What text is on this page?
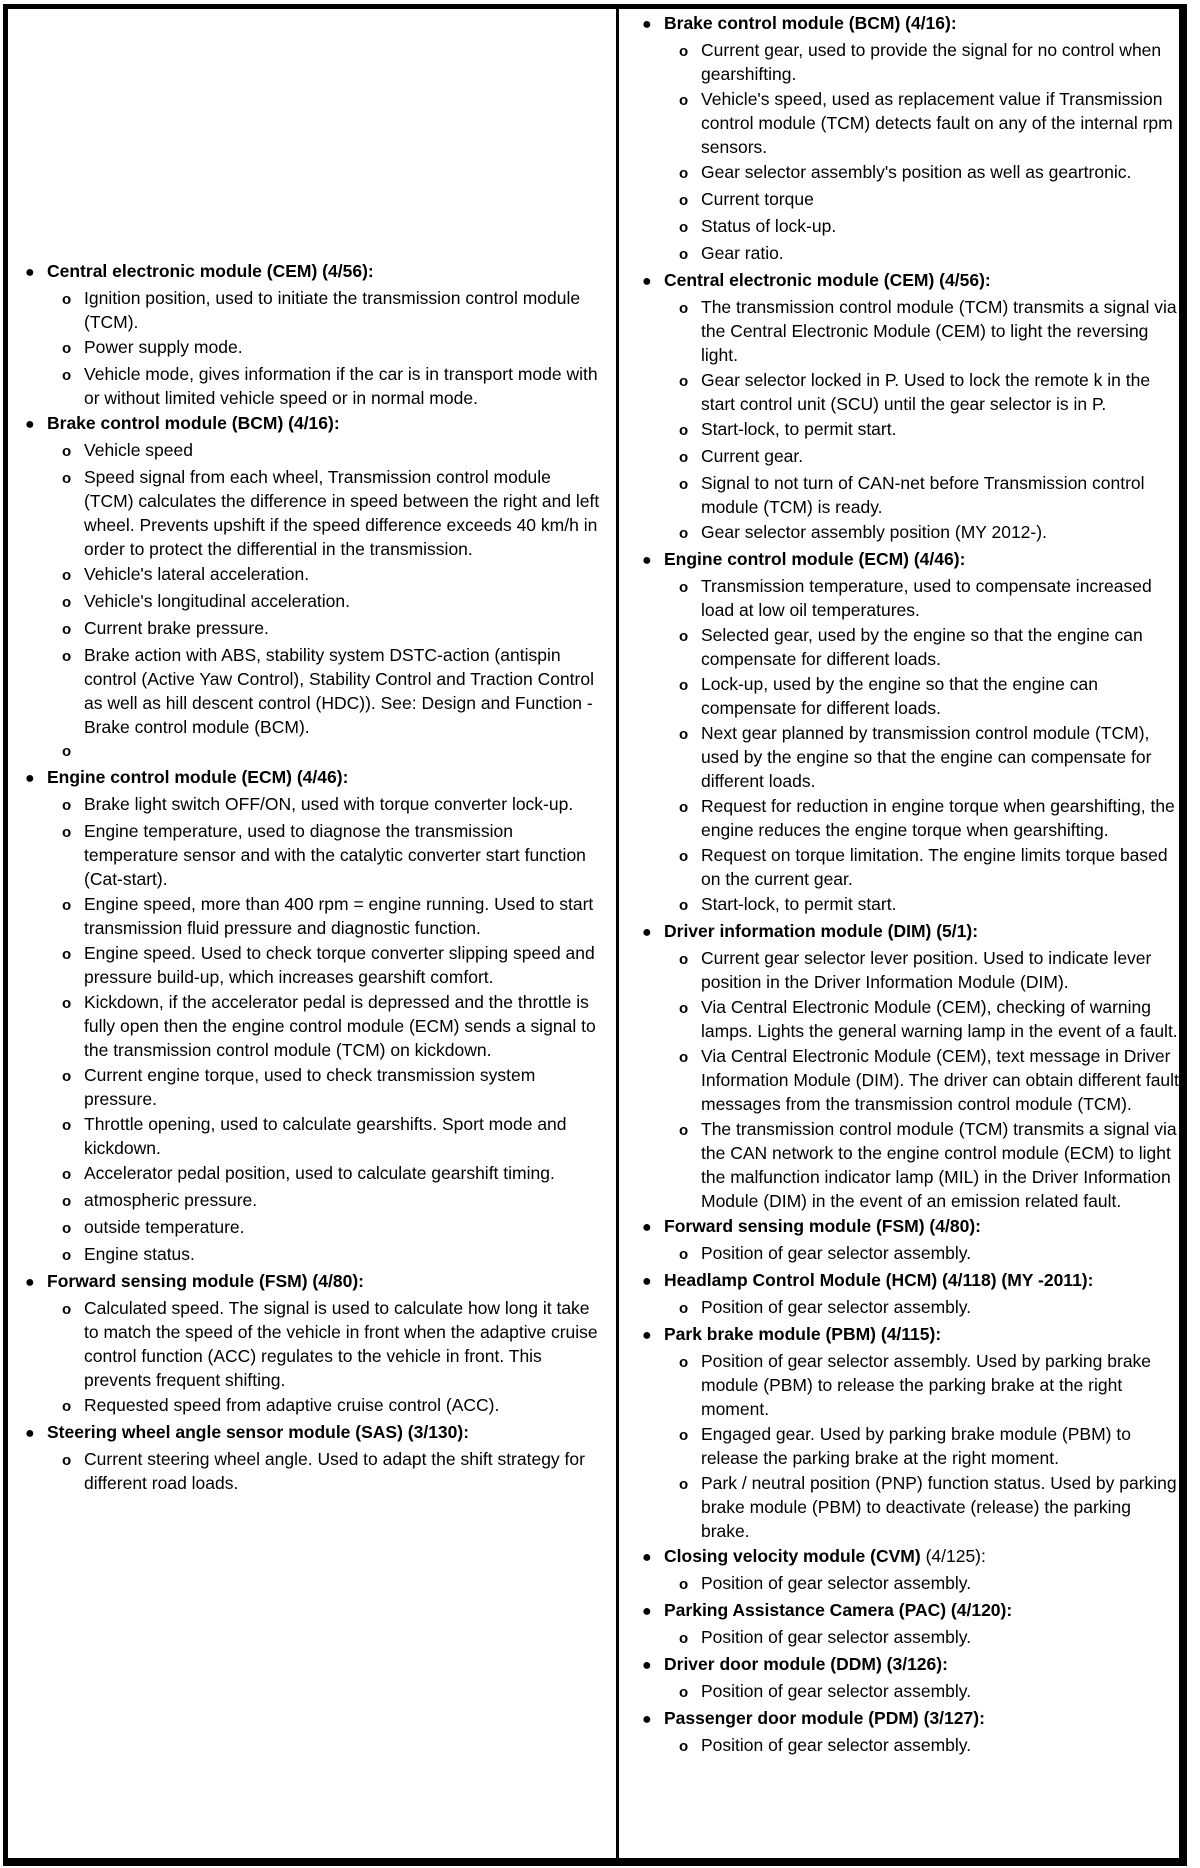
● Central electronic module (CEM) (4/56):
o Ignition position, used to initiate the transmission control module (TCM).
o Power supply mode.
o Vehicle mode, gives information if the car is in transport mode with or without limited vehicle speed or in normal mode.
● Brake control module (BCM) (4/16):
o Vehicle speed
o Speed signal from each wheel, Transmission control module (TCM) calculates the difference in speed between the right and left wheel. Prevents upshift if the speed difference exceeds 40 km/h in order to protect the differential in the transmission.
o Vehicle's lateral acceleration.
o Vehicle's longitudinal acceleration.
o Current brake pressure.
o Brake action with ABS, stability system DSTC-action (antispin control (Active Yaw Control), Stability Control and Traction Control as well as hill descent control (HDC)). See: Design and Function - Brake control module (BCM).
o
● Engine control module (ECM) (4/46):
o Brake light switch OFF/ON, used with torque converter lock-up.
o Engine temperature, used to diagnose the transmission temperature sensor and with the catalytic converter start function (Cat-start).
o Engine speed, more than 400 rpm = engine running. Used to start transmission fluid pressure and diagnostic function.
o Engine speed. Used to check torque converter slipping speed and pressure build-up, which increases gearshift comfort.
o Kickdown, if the accelerator pedal is depressed and the throttle is fully open then the engine control module (ECM) sends a signal to the transmission control module (TCM) on kickdown.
o Current engine torque, used to check transmission system pressure.
o Throttle opening, used to calculate gearshifts. Sport mode and kickdown.
o Accelerator pedal position, used to calculate gearshift timing.
o atmospheric pressure.
o outside temperature.
o Engine status.
● Forward sensing module (FSM) (4/80):
o Calculated speed. The signal is used to calculate how long it take to match the speed of the vehicle in front when the adaptive cruise control function (ACC) regulates to the vehicle in front. This prevents frequent shifting.
o Requested speed from adaptive cruise control (ACC).
● Steering wheel angle sensor module (SAS) (3/130):
o Current steering wheel angle. Used to adapt the shift strategy for different road loads.
● Brake control module (BCM) (4/16):
o Current gear, used to provide the signal for no control when gearshifting.
o Vehicle's speed, used as replacement value if Transmission control module (TCM) detects fault on any of the internal rpm sensors.
o Gear selector assembly's position as well as geartronic.
o Current torque
o Status of lock-up.
o Gear ratio.
● Central electronic module (CEM) (4/56):
o The transmission control module (TCM) transmits a signal via the Central Electronic Module (CEM) to light the reversing light.
o Gear selector locked in P. Used to lock the remote k in the start control unit (SCU) until the gear selector is in P.
o Start-lock, to permit start.
o Current gear.
o Signal to not turn of CAN-net before Transmission control module (TCM) is ready.
o Gear selector assembly position (MY 2012-).
● Engine control module (ECM) (4/46):
o Transmission temperature, used to compensate increased load at low oil temperatures.
o Selected gear, used by the engine so that the engine can compensate for different loads.
o Lock-up, used by the engine so that the engine can compensate for different loads.
o Next gear planned by transmission control module (TCM), used by the engine so that the engine can compensate for different loads.
o Request for reduction in engine torque when gearshifting, the engine reduces the engine torque when gearshifting.
o Request on torque limitation. The engine limits torque based on the current gear.
o Start-lock, to permit start.
● Driver information module (DIM) (5/1):
o Current gear selector lever position. Used to indicate lever position in the Driver Information Module (DIM).
o Via Central Electronic Module (CEM), checking of warning lamps. Lights the general warning lamp in the event of a fault.
o Via Central Electronic Module (CEM), text message in Driver Information Module (DIM). The driver can obtain different fault messages from the transmission control module (TCM).
o The transmission control module (TCM) transmits a signal via the CAN network to the engine control module (ECM) to light the malfunction indicator lamp (MIL) in the Driver Information Module (DIM) in the event of an emission related fault.
● Forward sensing module (FSM) (4/80):
o Position of gear selector assembly.
● Headlamp Control Module (HCM) (4/118) (MY -2011):
o Position of gear selector assembly.
● Park brake module (PBM) (4/115):
o Position of gear selector assembly. Used by parking brake module (PBM) to release the parking brake at the right moment.
o Engaged gear. Used by parking brake module (PBM) to release the parking brake at the right moment.
o Park / neutral position (PNP) function status. Used by parking brake module (PBM) to deactivate (release) the parking brake.
● Closing velocity module (CVM) (4/125):
o Position of gear selector assembly.
● Parking Assistance Camera (PAC) (4/120):
o Position of gear selector assembly.
● Driver door module (DDM) (3/126):
o Position of gear selector assembly.
● Passenger door module (PDM) (3/127):
o Position of gear selector assembly.
